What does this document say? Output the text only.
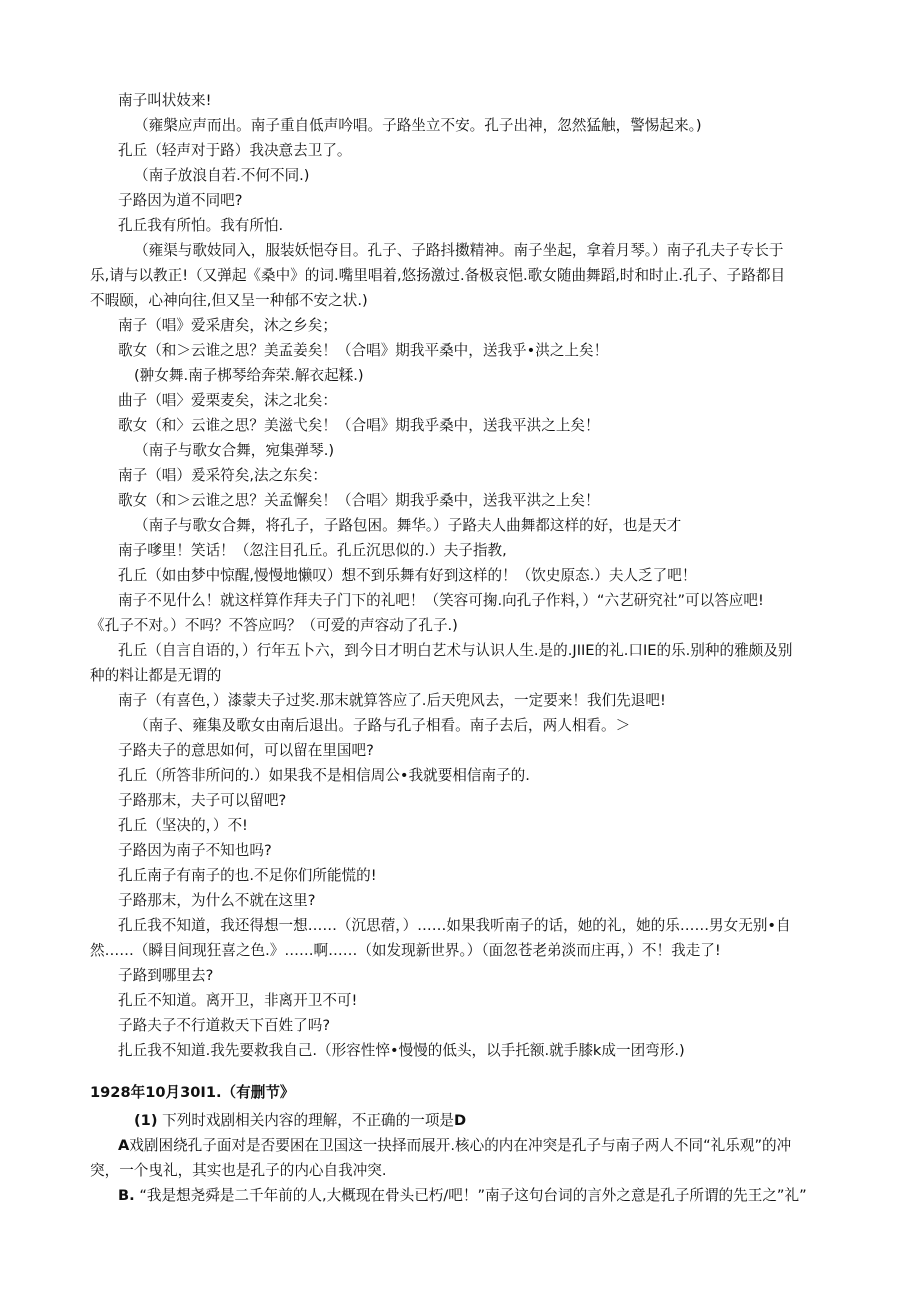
南子叫状妓来!
（雍槃应声而出。南子重自低声吟唱。子路坐立不安。孔子出神，忽然猛触，警惕起来。)
孔丘（轻声对于路）我决意去卫了。
（南子放浪自若.不何不同.)
子路因为道不同吧?
孔丘我有所怕。我有所怕.
（雍渠与歌妓同入，服装妖悒夺目。孔子、子路抖擞精神。南子坐起，拿着月琴。）南子孔夫子专长于
乐,请与以教正!（又弹起《桑中》的词.嘴里唱着,悠扬激过.备极哀悒.歌女随曲舞蹈,时和时止.孔子、子路都目
不暇颐，心神向往,但又呈一种郁不安之状.)
南子（唱》爱采唐矣，沐之乡矣；
歌女（和＞云谁之思？美孟姜矣！（合唱》期我平桑中，送我乎•洪之上矣！
(翀女舞.南子梆琴给奔荣.解衣起糅.)
曲子（唱〉爱栗麦矣，沫之北矣：
歌女（和〉云谁之思？美滋弋矣！（合唱》期我乎桑中，送我平洪之上矣！
（南子与歌女合舞，宛集弹琴.)
南子（唱）爰采符矣,法之东矣：
歌女（和＞云谁之思？关孟懈矣！（合唱〉期我乎桑中，送我平洪之上矣！
（南子与歌女合舞，将孔子，子路包困。舞华。）子路夫人曲舞都这样的好，也是天才
南子嗲里！笑话！（忽注目孔丘。孔丘沉思似的.）夫子指教,
孔丘（如由梦中惊醒,慢慢地懒叹）想不到乐舞有好到这样的！（饮史原态.）夫人乏了吧！
南子不见什么！就这样算作拜夫子门下的礼吧！（笑容可掬.向孔子作料，）“六艺研究社”可以答应吧!
《孔子不对。）不吗？不答应吗？（可爱的声容动了孔子.)
孔丘（自言自语的，）行年五卜六，到今日才明白艺术与认识人生.是的.JIIE的礼.口IE的乐.别种的雅颇及别
种的料让都是无谓的
南子（有喜色，）漆蒙夫子过奖.那末就算答应了.后天兜风去，一定要来！我们先退吧!
（南子、雍集及歌女由南后退出。子路与孔子相看。南子去后，两人相看。＞
子路夫子的意思如何，可以留在里国吧?
孔丘（所答非所问的.）如果我不是相信周公•我就要相信南子的.
子路那末，夫子可以留吧?
孔丘（坚决的，）不!
子路因为南子不知也吗?
孔丘南子有南子的也.不足你们所能慌的!
子路那末，为什么不就在这里?
孔丘我不知道，我还得想一想……（沉思蓿，）……如果我听南子的话，她的礼，她的乐……男女无别•自
然……（瞬目间现狂喜之色.》……啊……（如发现新世界。）（面忽苍老弟淡而庄再，）不！我走了!
子路到哪里去?
孔丘不知道。离开卫，非离开卫不可!
子路夫子不行道救天下百姓了吗?
扎丘我不知道.我先要救我自己.（形容性悴•慢慢的低头，以手托额.就手膝k成一团弯形.)
1928年10月30I1.（有删节》
(1) 下列时戏剧相关内容的理解，不正确的一项是D
A戏剧困绕孔子面对是否要困在卫国这一抉择而展开.核心的内在冲突是孔子与南子两人不同“礼乐观”的冲
突，一个曳礼，其实也是孔子的内心自我冲突.
B. “我是想尧舜是二千年前的人,大概现在骨头已朽/吧！”南子这句台词的言外之意是孔子所谓的先王之”礼”
